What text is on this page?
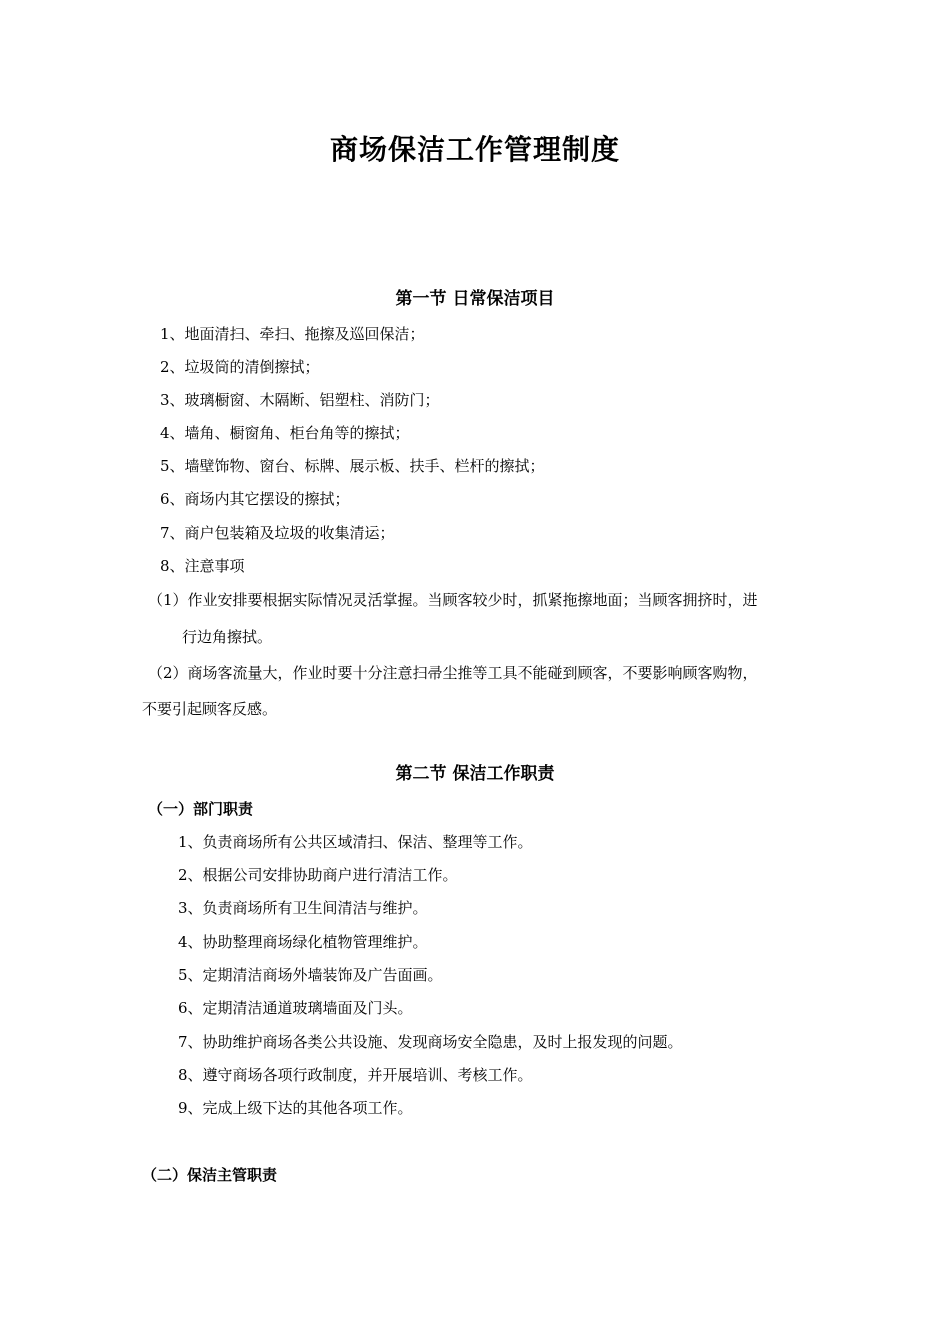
商场保洁工作管理制度
第一节 日常保洁项目
1、地面清扫、牵扫、拖擦及巡回保洁；
2、垃圾筒的清倒擦拭；
3、玻璃橱窗、木隔断、铝塑柱、消防门；
4、墙角、橱窗角、柜台角等的擦拭；
5、墙壁饰物、窗台、标牌、展示板、扶手、栏杆的擦拭；
6、商场内其它摆设的擦拭；
7、商户包装箱及垃圾的收集清运；
8、注意事项
（1）作业安排要根据实际情况灵活掌握。当顾客较少时，抓紧拖擦地面；当顾客拥挤时，进
行边角擦拭。
（2）商场客流量大，作业时要十分注意扫帚尘推等工具不能碰到顾客，不要影响顾客购物，
不要引起顾客反感。
第二节 保洁工作职责
（一）部门职责
1、负责商场所有公共区域清扫、保洁、整理等工作。
2、根据公司安排协助商户进行清洁工作。
3、负责商场所有卫生间清洁与维护。
4、协助整理商场绿化植物管理维护。
5、定期清洁商场外墙装饰及广告面画。
6、定期清洁通道玻璃墙面及门头。
7、协助维护商场各类公共设施、发现商场安全隐患，及时上报发现的问题。
8、遵守商场各项行政制度，并开展培训、考核工作。
9、完成上级下达的其他各项工作。
（二）保洁主管职责
